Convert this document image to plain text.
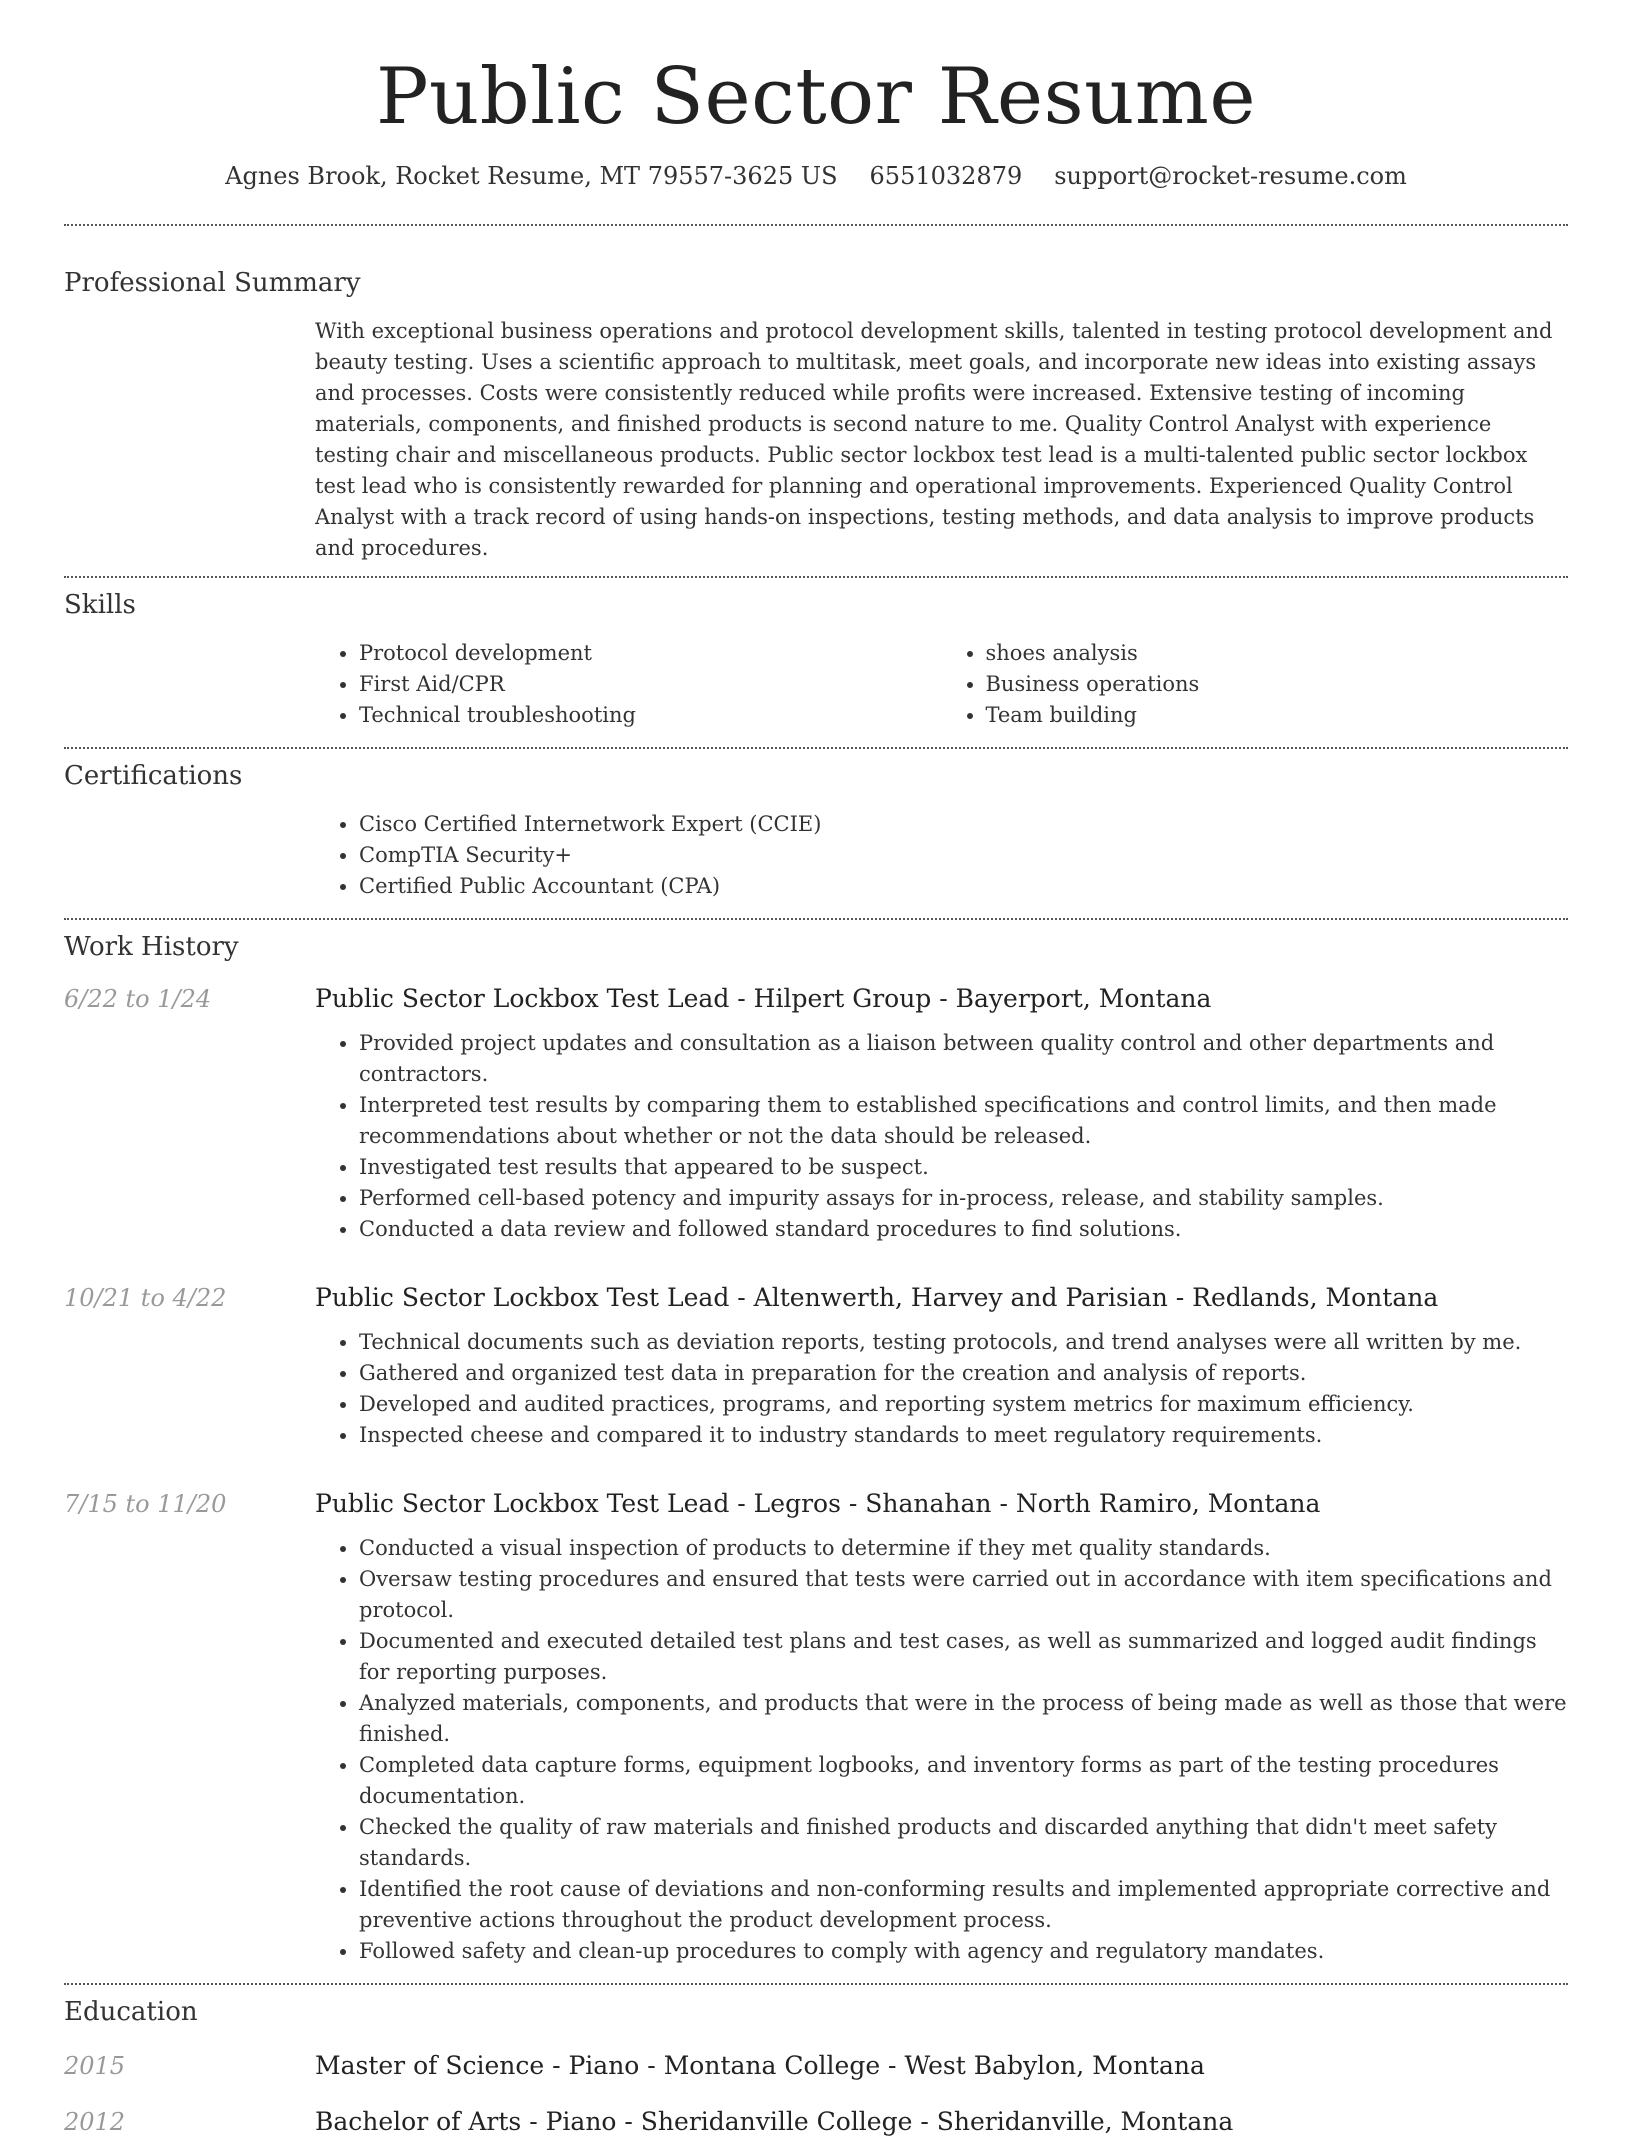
Public Sector Resume
Agnes Brook, Rocket Resume, MT 79557-3625 US 6551032879 support@rocket-resume.com
Professional Summary
With exceptional business operations and protocol development skills, talented in testing protocol development and beauty testing. Uses a scientific approach to multitask, meet goals, and incorporate new ideas into existing assays and processes. Costs were consistently reduced while profits were increased. Extensive testing of incoming materials, components, and finished products is second nature to me. Quality Control Analyst with experience testing chair and miscellaneous products. Public sector lockbox test lead is a multi-talented public sector lockbox test lead who is consistently rewarded for planning and operational improvements. Experienced Quality Control Analyst with a track record of using hands-on inspections, testing methods, and data analysis to improve products and procedures.
Skills
• Protocol development
• First Aid/CPR
• Technical troubleshooting
• shoes analysis
• Business operations
• Team building
Certifications
• Cisco Certified Internetwork Expert (CCIE)
• CompTIA Security+
• Certified Public Accountant (CPA)
Work History
6/22 to 1/24	Public Sector Lockbox Test Lead - Hilpert Group - Bayerport, Montana
• Provided project updates and consultation as a liaison between quality control and other departments and contractors.
• Interpreted test results by comparing them to established specifications and control limits, and then made recommendations about whether or not the data should be released.
• Investigated test results that appeared to be suspect.
• Performed cell-based potency and impurity assays for in-process, release, and stability samples.
• Conducted a data review and followed standard procedures to find solutions.
10/21 to 4/22	Public Sector Lockbox Test Lead - Altenwerth, Harvey and Parisian - Redlands, Montana
• Technical documents such as deviation reports, testing protocols, and trend analyses were all written by me.
• Gathered and organized test data in preparation for the creation and analysis of reports.
• Developed and audited practices, programs, and reporting system metrics for maximum efficiency.
• Inspected cheese and compared it to industry standards to meet regulatory requirements.
7/15 to 11/20	Public Sector Lockbox Test Lead - Legros - Shanahan - North Ramiro, Montana
• Conducted a visual inspection of products to determine if they met quality standards.
• Oversaw testing procedures and ensured that tests were carried out in accordance with item specifications and protocol.
• Documented and executed detailed test plans and test cases, as well as summarized and logged audit findings for reporting purposes.
• Analyzed materials, components, and products that were in the process of being made as well as those that were finished.
• Completed data capture forms, equipment logbooks, and inventory forms as part of the testing procedures documentation.
• Checked the quality of raw materials and finished products and discarded anything that didn't meet safety standards.
• Identified the root cause of deviations and non-conforming results and implemented appropriate corrective and preventive actions throughout the product development process.
• Followed safety and clean-up procedures to comply with agency and regulatory mandates.
Education
2015	Master of Science - Piano - Montana College - West Babylon, Montana
2012	Bachelor of Arts - Piano - Sheridanville College - Sheridanville, Montana
